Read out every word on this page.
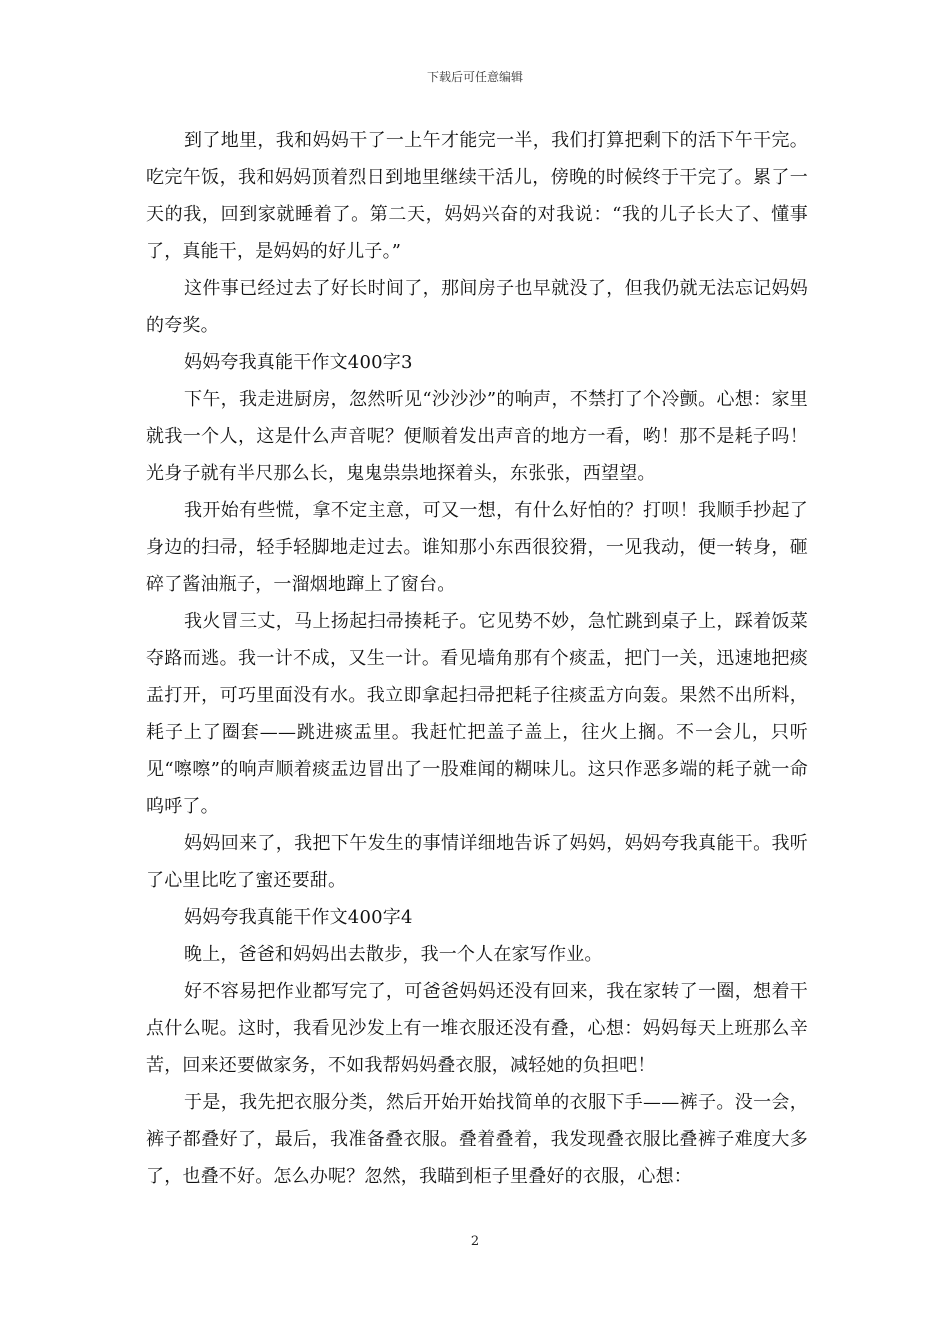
下载后可任意编辑

到了地里，我和妈妈干了一上午才能完一半，我们打算把剩下的活下午干完。吃完午饭，我和妈妈顶着烈日到地里继续干活儿，傍晚的时候终于干完了。累了一天的我，回到家就睡着了。第二天，妈妈兴奋的对我说：“我的儿子长大了、懂事了，真能干，是妈妈的好儿子。”

这件事已经过去了好长时间了，那间房子也早就没了，但我仍就无法忘记妈妈的夸奖。

妈妈夸我真能干作文400字3

下午，我走进厨房，忽然听见“沙沙沙”的响声，不禁打了个冷颤。心想：家里就我一个人，这是什么声音呢？便顺着发出声音的地方一看，哟！那不是耗子吗！光身子就有半尺那么长，鬼鬼祟祟地探着头，东张张，西望望。

我开始有些慌，拿不定主意，可又一想，有什么好怕的？打呗！我顺手抄起了身边的扫帚，轻手轻脚地走过去。谁知那小东西很狡猾，一见我动，便一转身，砸碎了酱油瓶子，一溜烟地蹿上了窗台。

我火冒三丈，马上扬起扫帚揍耗子。它见势不妙，急忙跳到桌子上，踩着饭菜夺路而逃。我一计不成，又生一计。看见墙角那有个痰盂，把门一关，迅速地把痰盂打开，可巧里面没有水。我立即拿起扫帚把耗子往痰盂方向轰。果然不出所料，耗子上了圈套——跳进痰盂里。我赶忙把盖子盖上，往火上搁。不一会儿，只听见“嚓嚓”的响声顺着痰盂边冒出了一股难闻的糊味儿。这只作恶多端的耗子就一命呜呼了。

妈妈回来了，我把下午发生的事情详细地告诉了妈妈，妈妈夸我真能干。我听了心里比吃了蜜还要甜。

妈妈夸我真能干作文400字4

晚上，爸爸和妈妈出去散步，我一个人在家写作业。

好不容易把作业都写完了，可爸爸妈妈还没有回来，我在家转了一圈，想着干点什么呢。这时，我看见沙发上有一堆衣服还没有叠，心想：妈妈每天上班那么辛苦，回来还要做家务，不如我帮妈妈叠衣服，减轻她的负担吧！

于是，我先把衣服分类，然后开始开始找简单的衣服下手——裤子。没一会，裤子都叠好了，最后，我准备叠衣服。叠着叠着，我发现叠衣服比叠裤子难度大多了，也叠不好。怎么办呢？忽然，我瞄到柜子里叠好的衣服，心想：

2
